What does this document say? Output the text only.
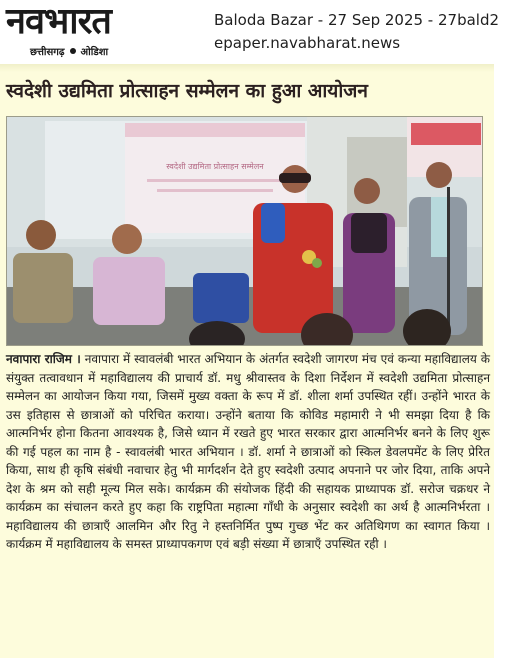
नवभारत
छत्तीसगढ़ ओडिशा
Baloda Bazar - 27 Sep 2025 - 27bald2
epaper.navabharat.news
स्वदेशी उद्यमिता प्रोत्साहन सम्मेलन का हुआ आयोजन
स्वदेशी उद्यमिता प्रोत्साहन सम्मेलन
नवापारा राजिम । नवापारा में स्वावलंबी भारत अभियान के अंतर्गत स्वदेशी जागरण मंच एवं कन्या महाविद्यालय के संयुक्त तत्वावधान में महाविद्यालय की प्राचार्य डॉ. मधु श्रीवास्तव के दिशा निर्देशन में स्वदेशी उद्यमिता प्रोत्साहन सम्मेलन का आयोजन किया गया, जिसमें मुख्य वक्ता के रूप में डॉ. शीला शर्मा उपस्थित रहीं। उन्होंने भारत के उस इतिहास से छात्राओं को परिचित कराया। उन्होंने बताया कि कोविड महामारी ने भी समझा दिया है कि आत्मनिर्भर होना कितना आवश्यक है, जिसे ध्यान में रखते हुए भारत सरकार द्वारा आत्मनिर्भर बनने के लिए शुरू की गई पहल का नाम है - स्वावलंबी भारत अभियान । डॉ. शर्मा ने छात्राओं को स्किल डेवलपमेंट के लिए प्रेरित किया, साथ ही कृषि संबंधी नवाचार हेतु भी मार्गदर्शन देते हुए स्वदेशी उत्पाद अपनाने पर जोर दिया, ताकि अपने देश के श्रम को सही मूल्य मिल सके। कार्यक्रम की संयोजक हिंदी की सहायक प्राध्यापक डॉ. सरोज चक्रधर ने कार्यक्रम का संचालन करते हुए कहा कि राष्ट्रपिता महात्मा गाँधी के अनुसार स्वदेशी का अर्थ है आत्मनिर्भरता । महाविद्यालय की छात्राएँ आलमिन और रितु ने हस्तनिर्मित पुष्प गुच्छ भेंट कर अतिथिगण का स्वागत किया । कार्यक्रम में महाविद्यालय के समस्त प्राध्यापकगण एवं बड़ी संख्या में छात्राएँ उपस्थित रही ।
